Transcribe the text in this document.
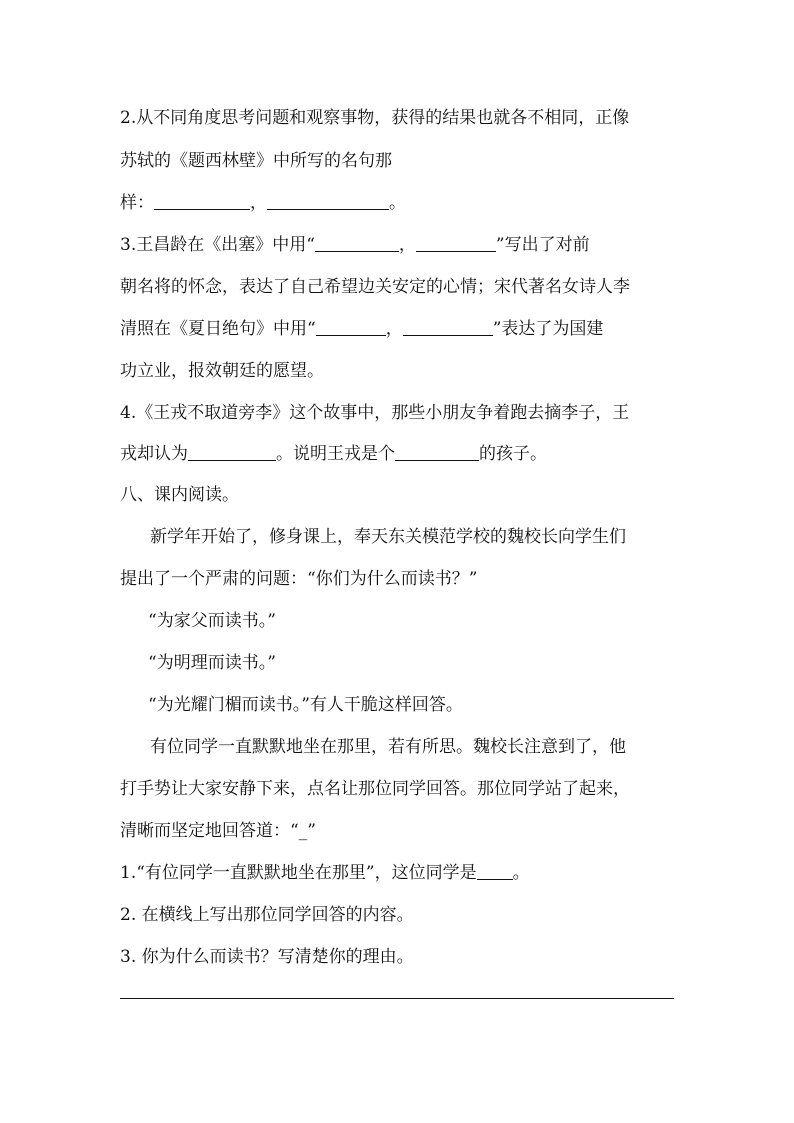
2.从不同角度思考问题和观察事物，获得的结果也就各不相同，正像
苏轼的《题西林壁》中所写的名句那
样：	，	。
3.王昌龄在《出塞》中用“	，	”写出了对前
朝名将的怀念，表达了自己希望边关安定的心情；宋代著名女诗人李
清照在《夏日绝句》中用“	，	”表达了为国建
功立业，报效朝廷的愿望。
4.《王戎不取道旁李》这个故事中，那些小朋友争着跑去摘李子，王
戎却认为	。说明王戎是个	的孩子。
八、课内阅读。
新学年开始了，修身课上，奉天东关模范学校的魏校长向学生们
提出了一个严肃的问题：“你们为什么而读书？”
“为家父而读书。”
“为明理而读书。”
“为光耀门楣而读书。”有人干脆这样回答。
有位同学一直默默地坐在那里，若有所思。魏校长注意到了，他
打手势让大家安静下来，点名让那位同学回答。那位同学站了起来，
清晰而坚定地回答道：“_”
1.“有位同学一直默默地坐在那里”，这位同学是 。
2. 在横线上写出那位同学回答的内容。
3. 你为什么而读书？写清楚你的理由。
